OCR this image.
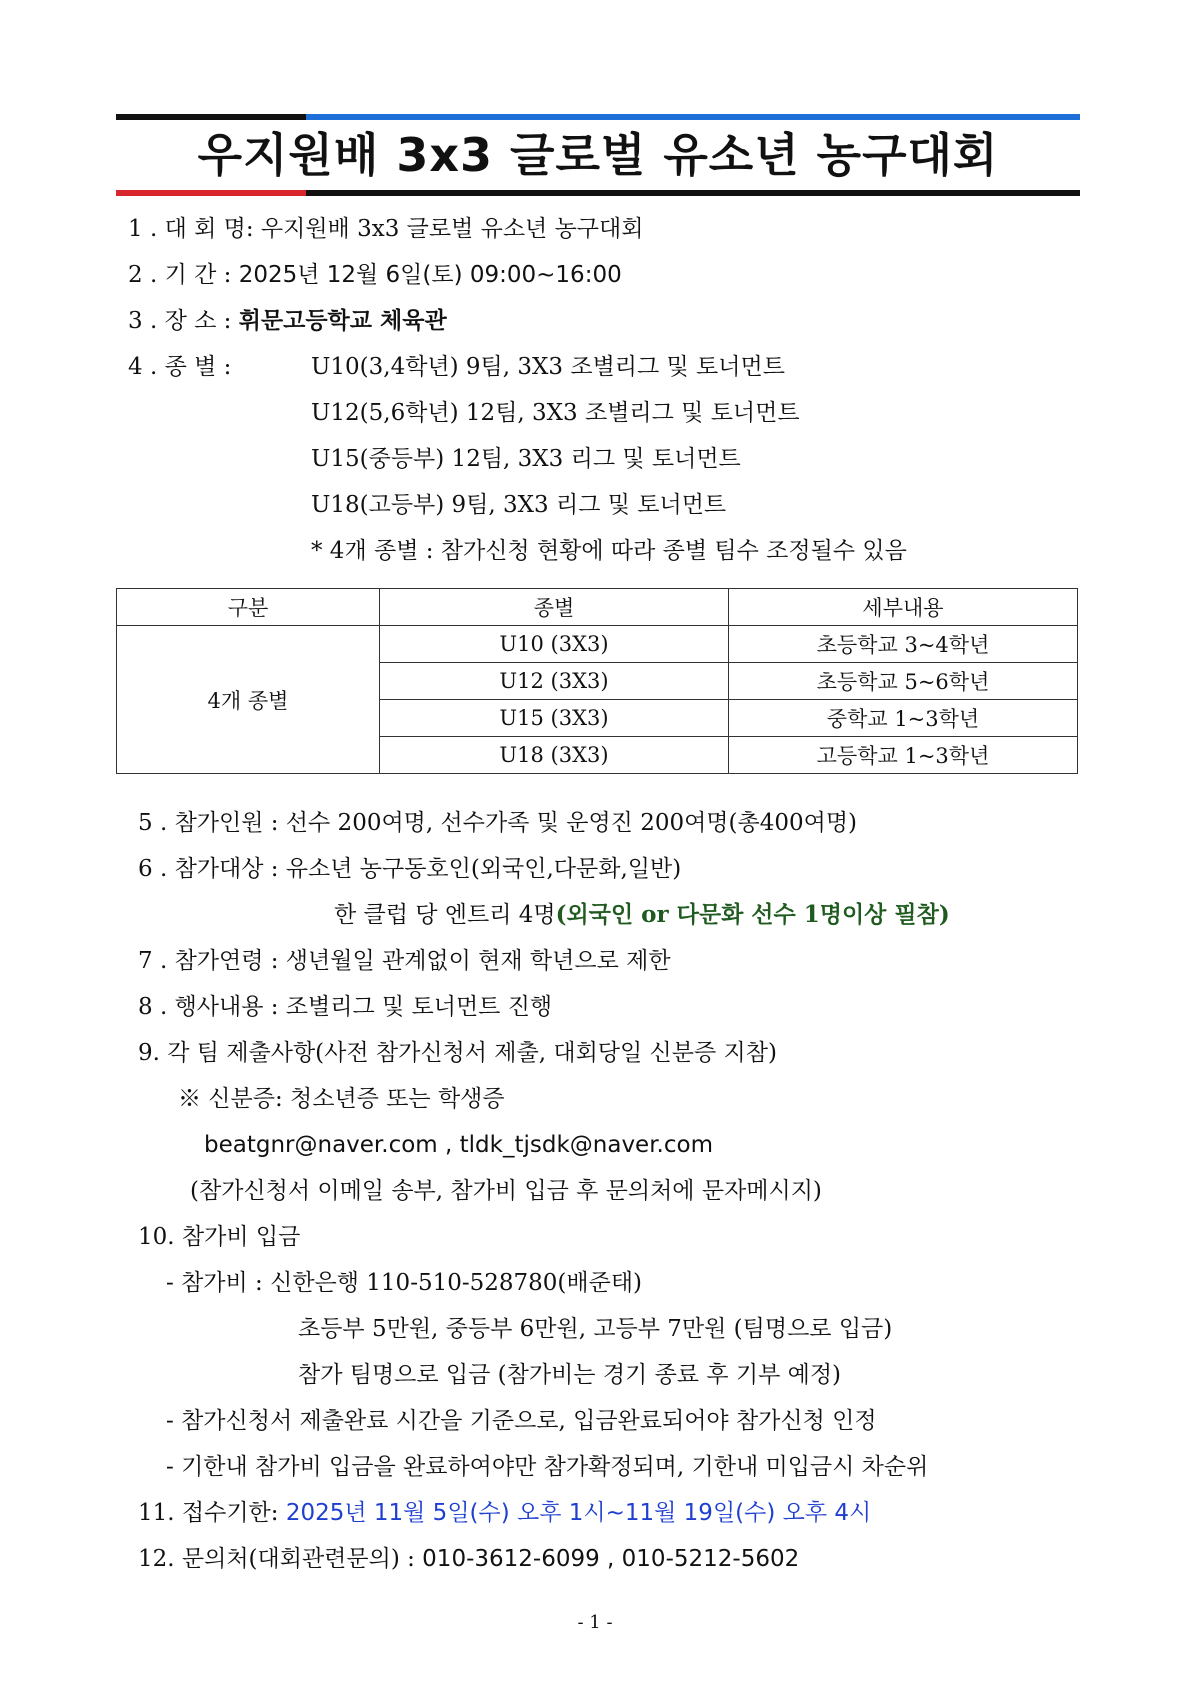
우지원배 3x3 글로벌 유소년 농구대회
1 . 대 회 명: 우지원배 3x3 글로벌 유소년 농구대회
2 . 기 간 : 2025년 12월 6일(토) 09:00~16:00
3 . 장 소 : 휘문고등학교 체육관
4 . 종 별 :	U10(3,4학년) 9팀, 3X3 조별리그 및 토너먼트
U12(5,6학년) 12팀, 3X3 조별리그 및 토너먼트
U15(중등부) 12팀, 3X3 리그 및 토너먼트
U18(고등부) 9팀, 3X3 리그 및 토너먼트
* 4개 종별 : 참가신청 현황에 따라 종별 팀수 조정될수 있음
구분	종별	세부내용
4개 종별	U10 (3X3)	초등학교 3~4학년
	U12 (3X3)	초등학교 5~6학년
	U15 (3X3)	중학교 1~3학년
	U18 (3X3)	고등학교 1~3학년
5 . 참가인원 : 선수 200여명, 선수가족 및 운영진 200여명(총400여명)
6 . 참가대상 : 유소년 농구동호인(외국인,다문화,일반)
한 클럽 당 엔트리 4명(외국인 or 다문화 선수 1명이상 필참)
7 . 참가연령 : 생년월일 관계없이 현재 학년으로 제한
8 . 행사내용 : 조별리그 및 토너먼트 진행
9. 각 팀 제출사항(사전 참가신청서 제출, 대회당일 신분증 지참)
※ 신분증: 청소년증 또는 학생증
beatgnr@naver.com , tldk_tjsdk@naver.com
(참가신청서 이메일 송부, 참가비 입금 후 문의처에 문자메시지)
10. 참가비 입금
- 참가비 : 신한은행 110-510-528780(배준태)
초등부 5만원, 중등부 6만원, 고등부 7만원 (팀명으로 입금)
참가 팀명으로 입금 (참가비는 경기 종료 후 기부 예정)
- 참가신청서 제출완료 시간을 기준으로, 입금완료되어야 참가신청 인정
- 기한내 참가비 입금을 완료하여야만 참가확정되며, 기한내 미입금시 차순위
11. 접수기한: 2025년 11월 5일(수) 오후 1시~11월 19일(수) 오후 4시
12. 문의처(대회관련문의) : 010-3612-6099 , 010-5212-5602
- 1 -
